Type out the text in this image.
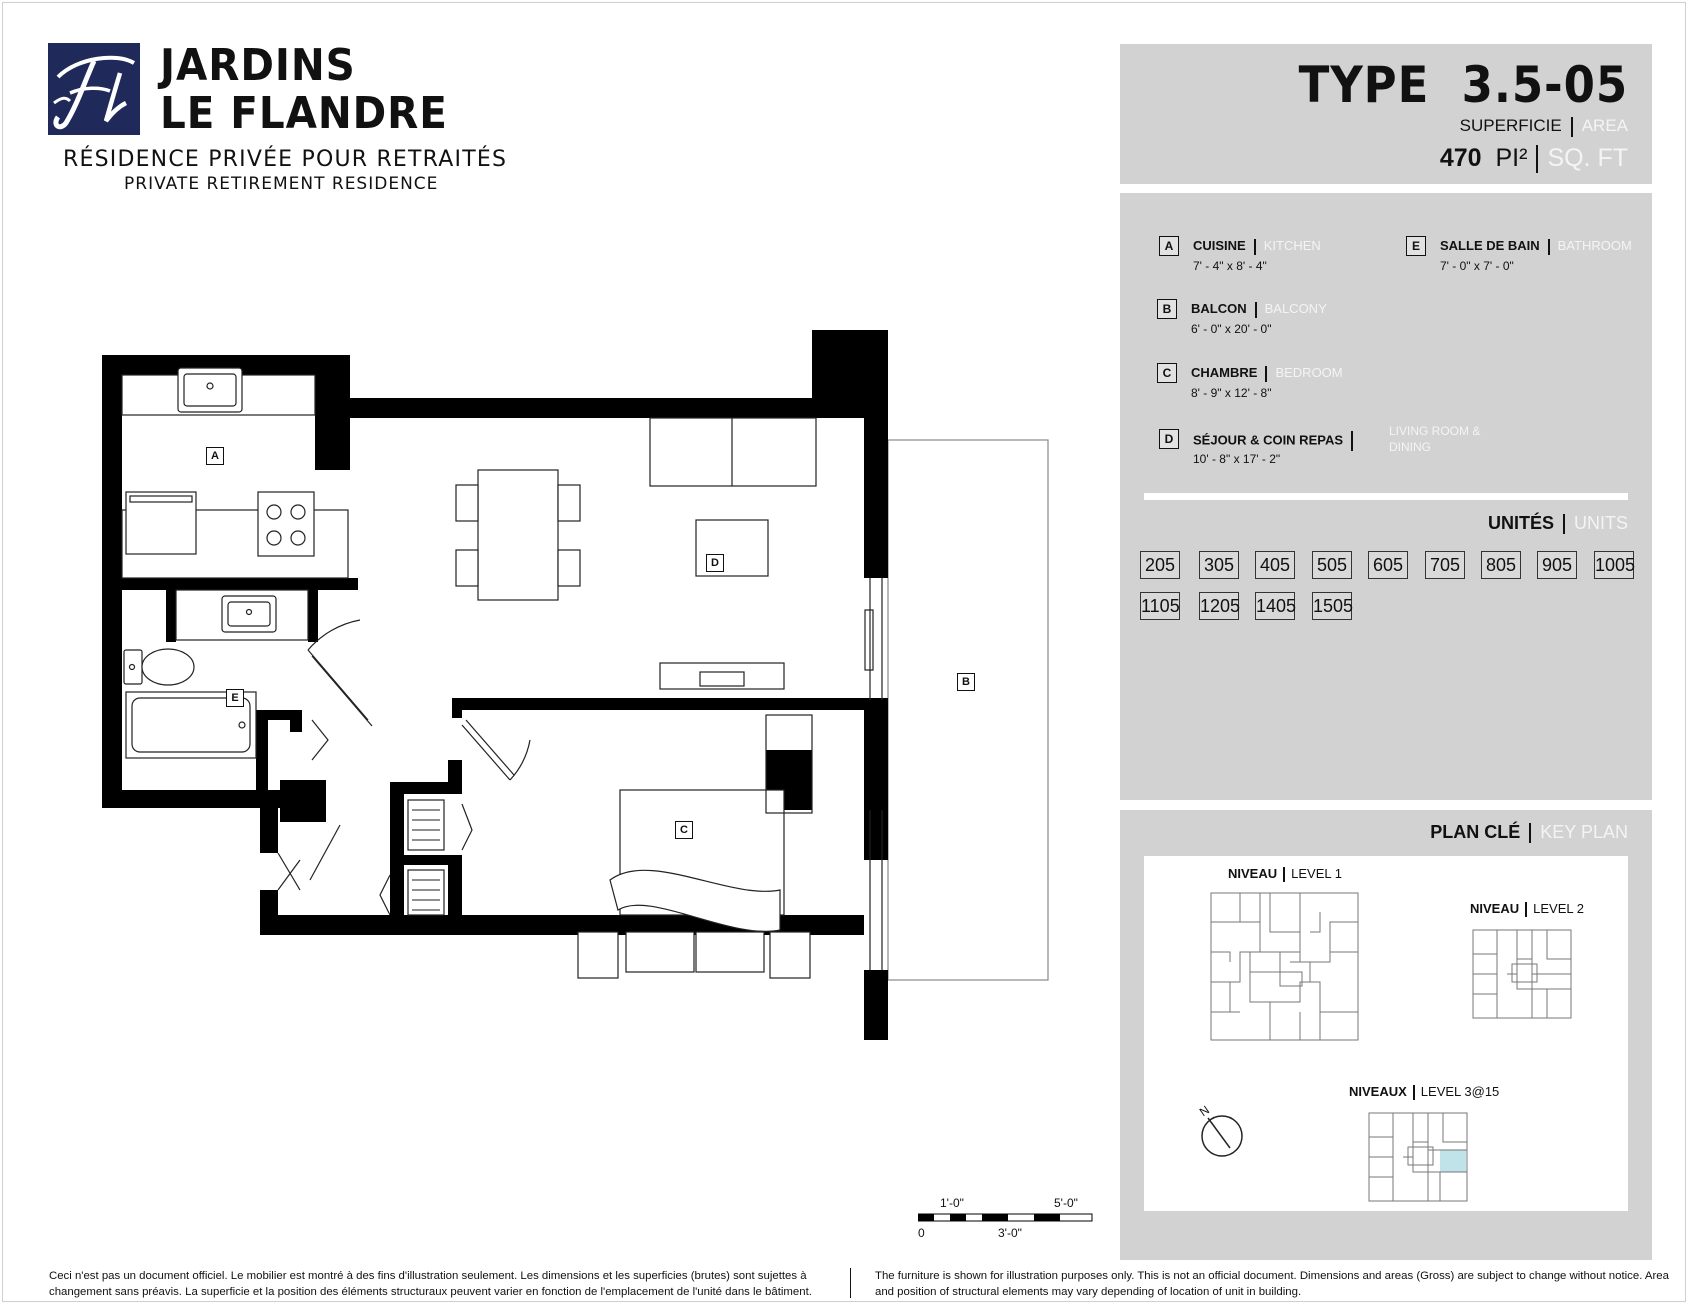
JARDINS
LE FLANDRE
RÉSIDENCE PRIVÉE POUR RETRAITÉS
PRIVATE RETIREMENT RESIDENCE
TYPE 3.5-05
SUPERFICIE AREA
470 PI² SQ. FT
A	CUISINE KITCHEN
7' - 4" x 8' - 4"
B	BALCON BALCONY
6' - 0" x 20' - 0"
C	CHAMBRE BEDROOM
8' - 9" x 12' - 8"
D	SÉJOUR & COIN REPAS
LIVING ROOM &
DINING
10' - 8" x 17' - 2"
E	SALLE DE BAIN BATHROOM
7' - 0" x 7' - 0"
UNITÉS UNITS
205 305 405 505 605 705 805 905 1005
1105 1205 1405 1505
PLAN CLÉ KEY PLAN
NIVEAU LEVEL 1
NIVEAU LEVEL 2
NIVEAUX LEVEL 3@15
N
A
B
C
D
E
1'-0"	5'-0"
0	3'-0"
Ceci n'est pas un document officiel. Le mobilier est montré à des fins d'illustration seulement. Les dimensions et les superficies (brutes) sont sujettes à changement sans préavis. La superficie et la position des éléments structuraux peuvent varier en fonction de l'emplacement de l'unité dans le bâtiment.
The furniture is shown for illustration purposes only. This is not an official document. Dimensions and areas (Gross) are subject to change without notice. Area and position of structural elements may vary depending of location of unit in building.
